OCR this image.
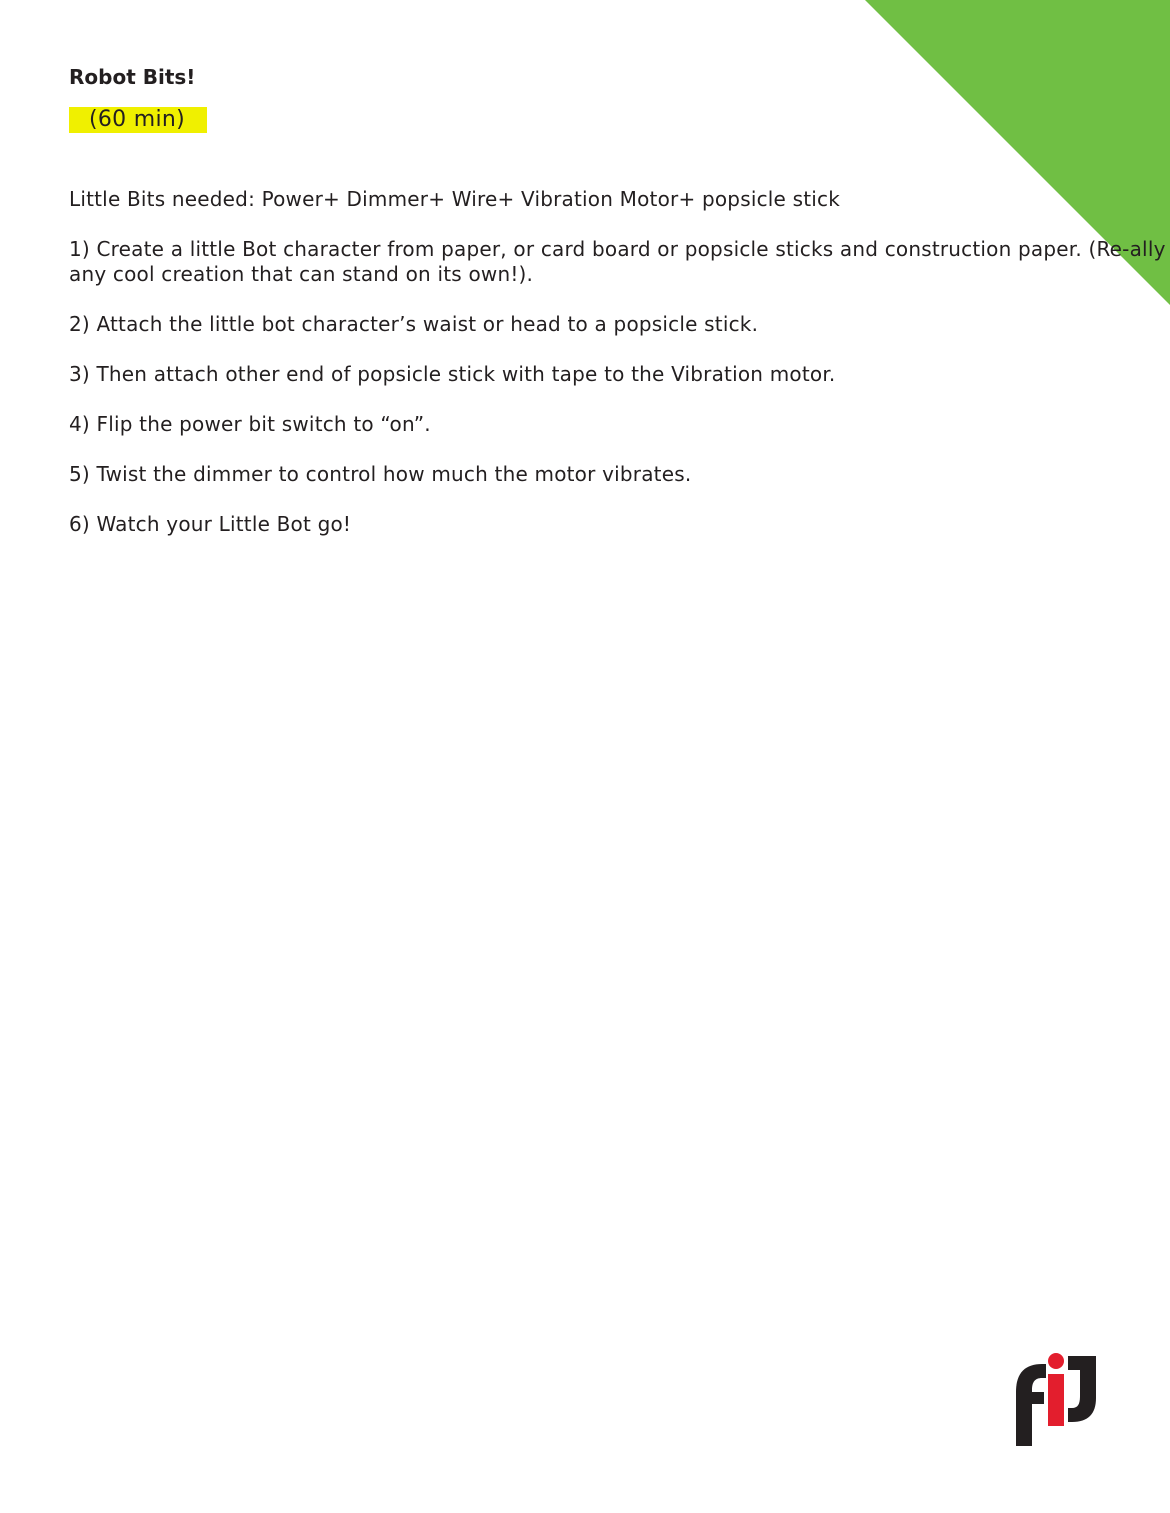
Robot Bits!
(60 min)
Little Bits needed: Power+ Dimmer+ Wire+ Vibration Motor+ popsicle stick
1) Create a little Bot character from paper, or card board or popsicle sticks and construction paper. (Re-ally any cool creation that can stand on its own!).
2) Attach the little bot character’s waist or head to a popsicle stick.
3) Then attach other end of popsicle stick with tape to the Vibration motor.
4) Flip the power bit switch to “on”.
5) Twist the dimmer to control how much the motor vibrates.
6) Watch your Little Bot go!
